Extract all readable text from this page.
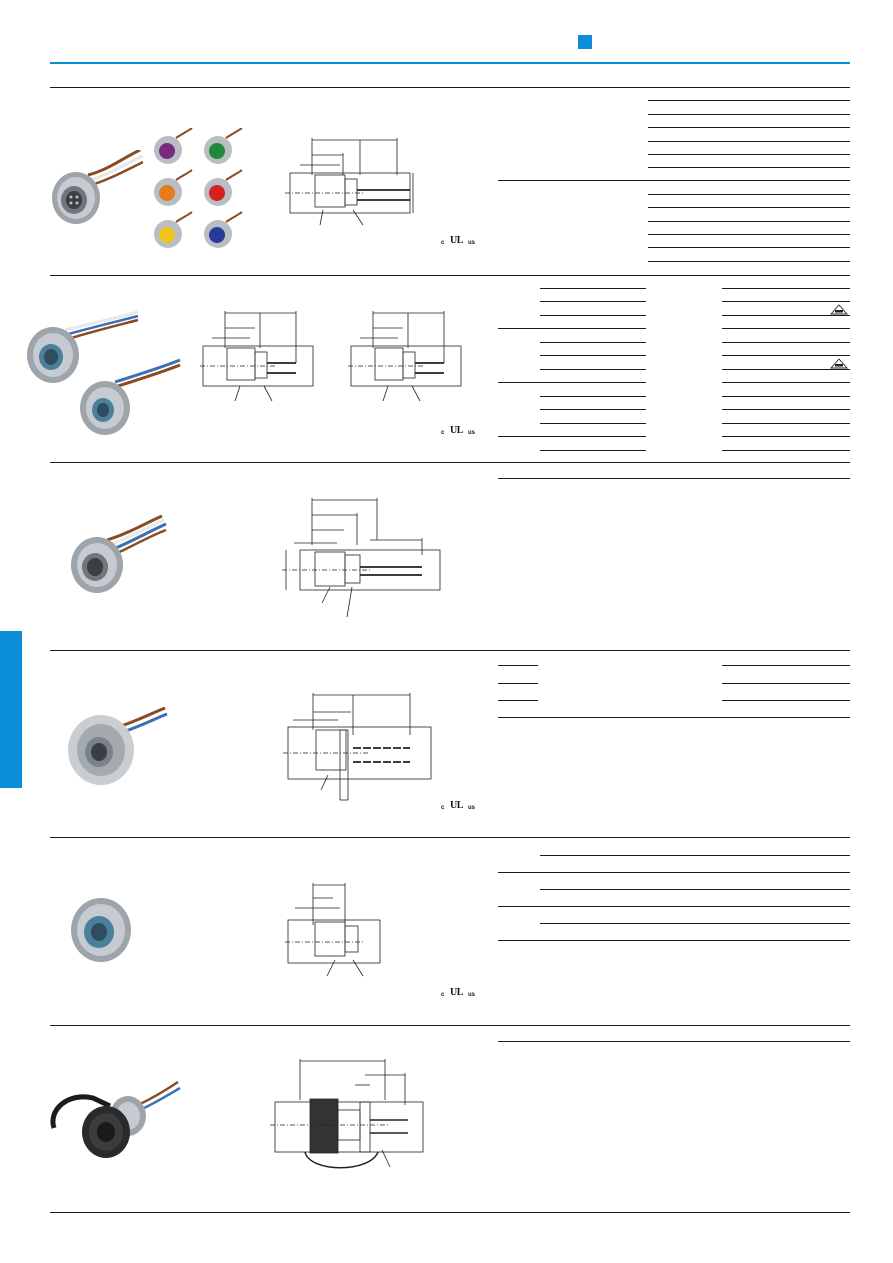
c UL us
c UL us
c UL us
c UL us
